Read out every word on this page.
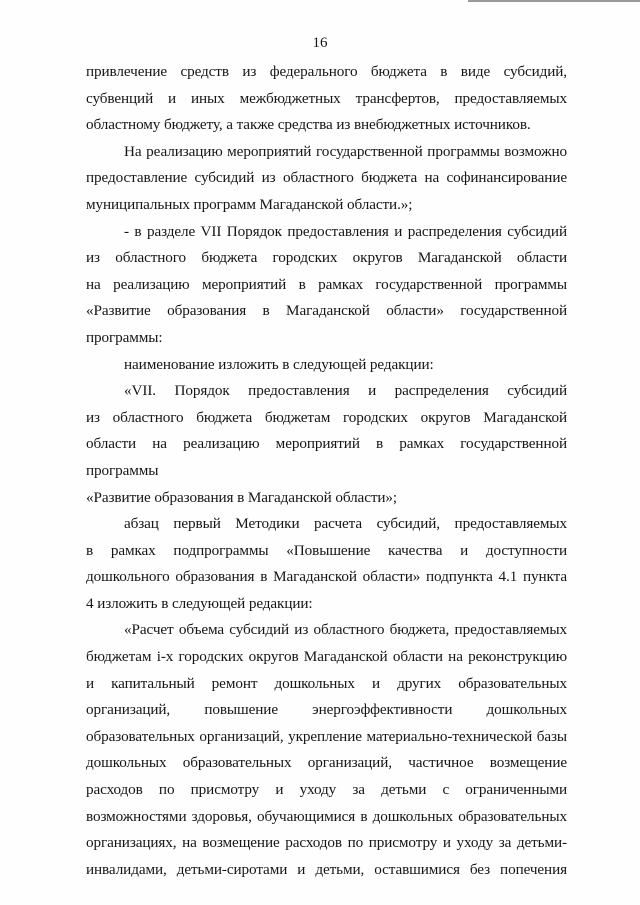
16
привлечение средств из федерального бюджета в виде субсидий,
субвенций и иных межбюджетных трансфертов, предоставляемых
областному бюджету, а также средства из внебюджетных источников.
На реализацию мероприятий государственной программы возможно
предоставление субсидий из областного бюджета на софинансирование
муниципальных программ Магаданской области.»;
- в разделе VII Порядок предоставления и распределения субсидий
из областного бюджета городских округов Магаданской области
на реализацию мероприятий в рамках государственной программы
«Развитие образования в Магаданской области» государственной
программы:
наименование изложить в следующей редакции:
«VII. Порядок предоставления и распределения субсидий
из областного бюджета бюджетам городских округов Магаданской
области на реализацию мероприятий в рамках государственной программы
«Развитие образования в Магаданской области»;
абзац первый Методики расчета субсидий, предоставляемых
в рамках подпрограммы «Повышение качества и доступности
дошкольного образования в Магаданской области» подпункта 4.1 пункта
4 изложить в следующей редакции:
«Расчет объема субсидий из областного бюджета, предоставляемых
бюджетам i-х городских округов Магаданской области на реконструкцию
и капитальный ремонт дошкольных и других образовательных
организаций, повышение энергоэффективности дошкольных
образовательных организаций, укрепление материально-технической базы
дошкольных образовательных организаций, частичное возмещение
расходов по присмотру и уходу за детьми с ограниченными
возможностями здоровья, обучающимися в дошкольных образовательных
организациях, на возмещение расходов по присмотру и уходу за детьми-
инвалидами, детьми-сиротами и детьми, оставшимися без попечения
